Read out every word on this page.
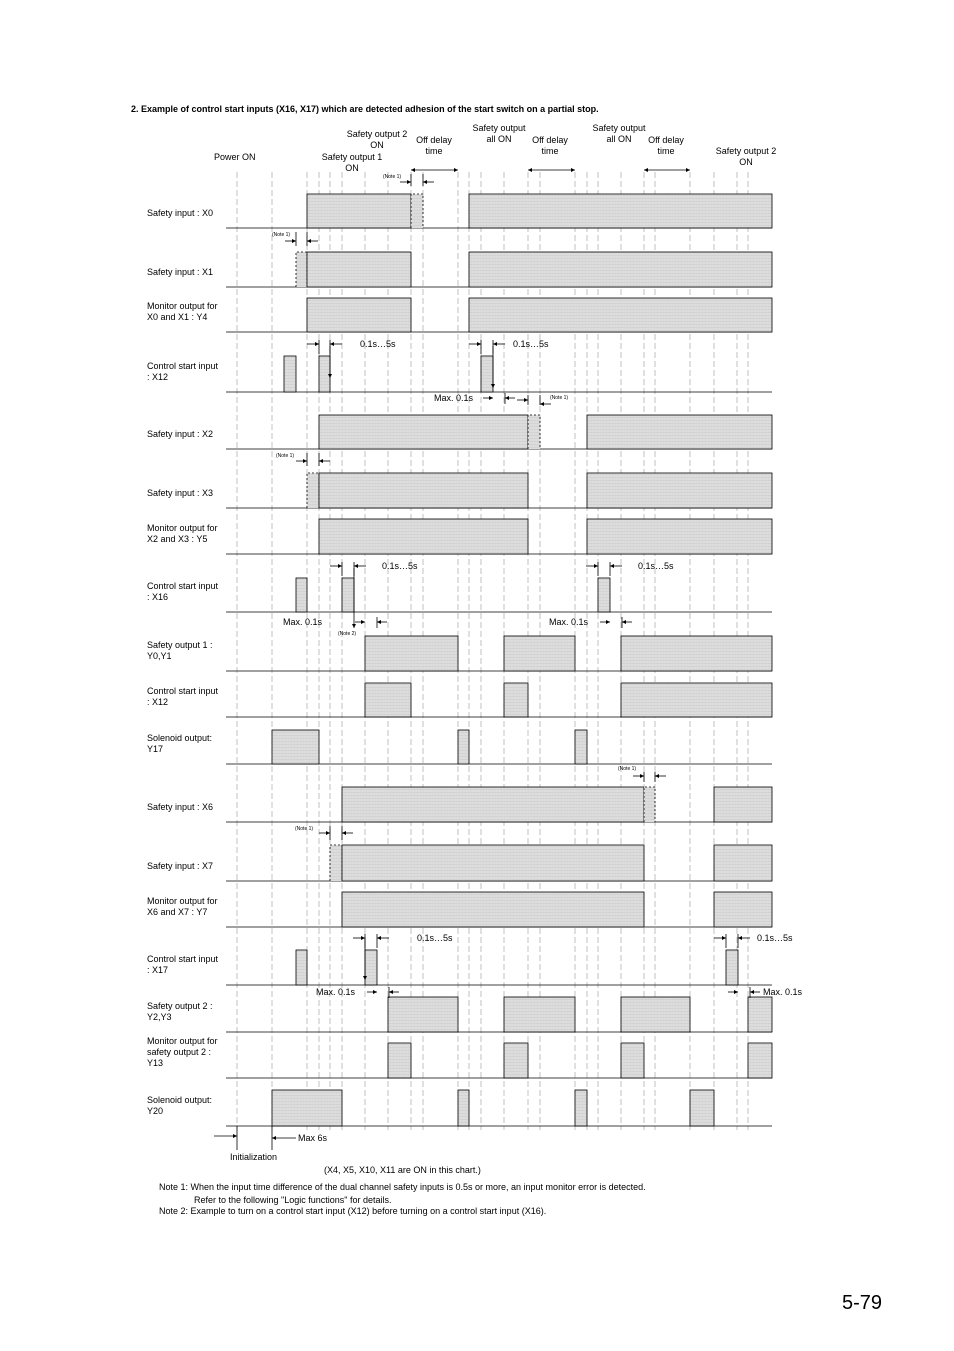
2. Example of control start inputs (X16, X17) which are detected adhesion of the start switch on a partial stop.
Safety input : X0
Safety input : X1
Monitor output for
X0 and X1 : Y4
Control start input
: X12
Safety input : X2
Safety input : X3
Monitor output for
X2 and X3 : Y5
Control start input
: X16
Safety output 1 :
Y0,Y1
Control start input
: X12
Solenoid output:
Y17
Safety input : X6
Safety input : X7
Monitor output for
X6 and X7 : Y7
Control start input
: X17
Safety output 2 :
Y2,Y3
Monitor output for
safety output 2 :
Y13
Solenoid output:
Y20
(Note 1)
(Note 1)
(Note 1)
(Note 1)
(Note 1)
(Note 1)
(Note 2)
0.1s…5s	0.1s…5s
0.1s…5s	0.1s…5s
0.1s…5s	0.1s…5s
Max. 0.1s
Max. 0.1s	Max. 0.1s
Max. 0.1s	Max. 0.1s
Max 6s
Initialization
Power ON
Safety output 2 ON
Safety output 1 ON
Off delay time
Safety output all ON	Off delay time
Safety output all ON	Off delay time	Safety output 2 ON
(X4, X5, X10, X11 are ON in this chart.)
Note 1: When the input time difference of the dual channel safety inputs is 0.5s or more, an input monitor error is detected.
Refer to the following "Logic functions" for details.
Note 2: Example to turn on a control start input (X12) before turning on a control start input (X16).
5-79
